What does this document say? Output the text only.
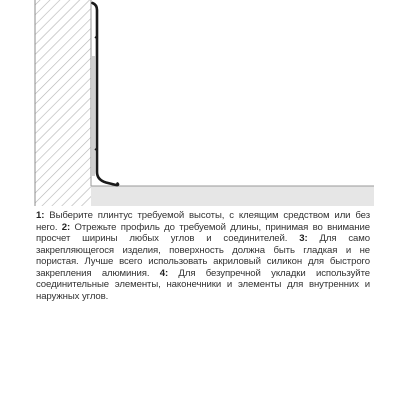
1: Выберите плинтус требуемой высоты, с клеящим средством или без него. 2: Отрежьте профиль до требуемой длины, принимая во внимание просчет ширины любых углов и соединителей. 3: Для само закрепляющегося изделия, поверхность должна быть гладкая и не пористая. Лучше всего использовать акриловый силикон для быстрого закрепления алюминия. 4: Для безупречной укладки используйте соединительные элементы, наконечники и элементы для внутренних и наружных углов.
